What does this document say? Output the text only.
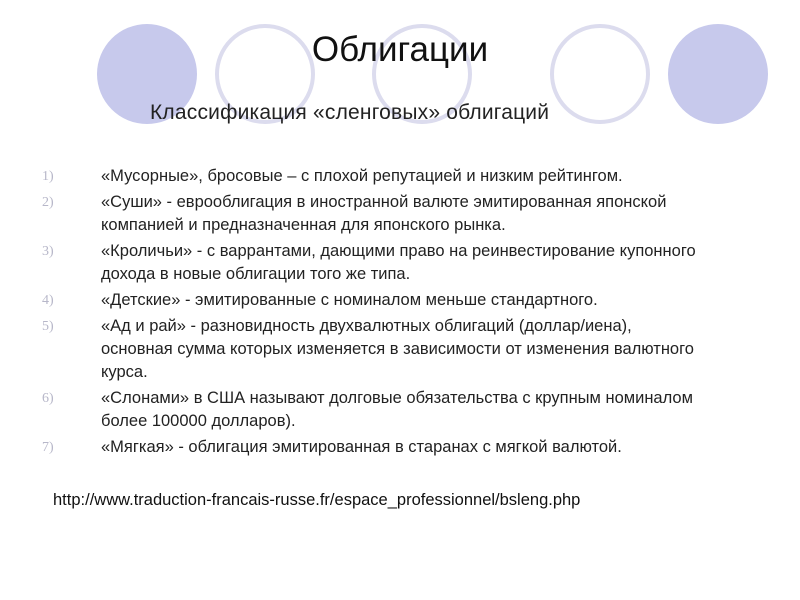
Облигации
Классификация «сленговых» облигаций
1)	«Мусорные», бросовые – с плохой репутацией и низким рейтингом.
2)	«Суши» - еврооблигация в иностранной валюте эмитированная японской компанией и предназначенная для японского рынка.
3)	«Кроличьи» - с варрантами, дающими право на реинвестирование купонного дохода в новые облигации того же типа.
4)	«Детские» - эмитированные с номиналом меньше стандартного.
5)	«Ад и рай» - разновидность двухвалютных облигаций (доллар/иена), основная сумма которых изменяется в зависимости от изменения валютного курса.
6)	«Слонами» в США называют долговые обязательства с крупным номиналом более 100000 долларов).
7)	«Мягкая» - облигация эмитированная в старанах с мягкой валютой.
http://www.traduction-francais-russe.fr/espace_professionnel/bsleng.php
